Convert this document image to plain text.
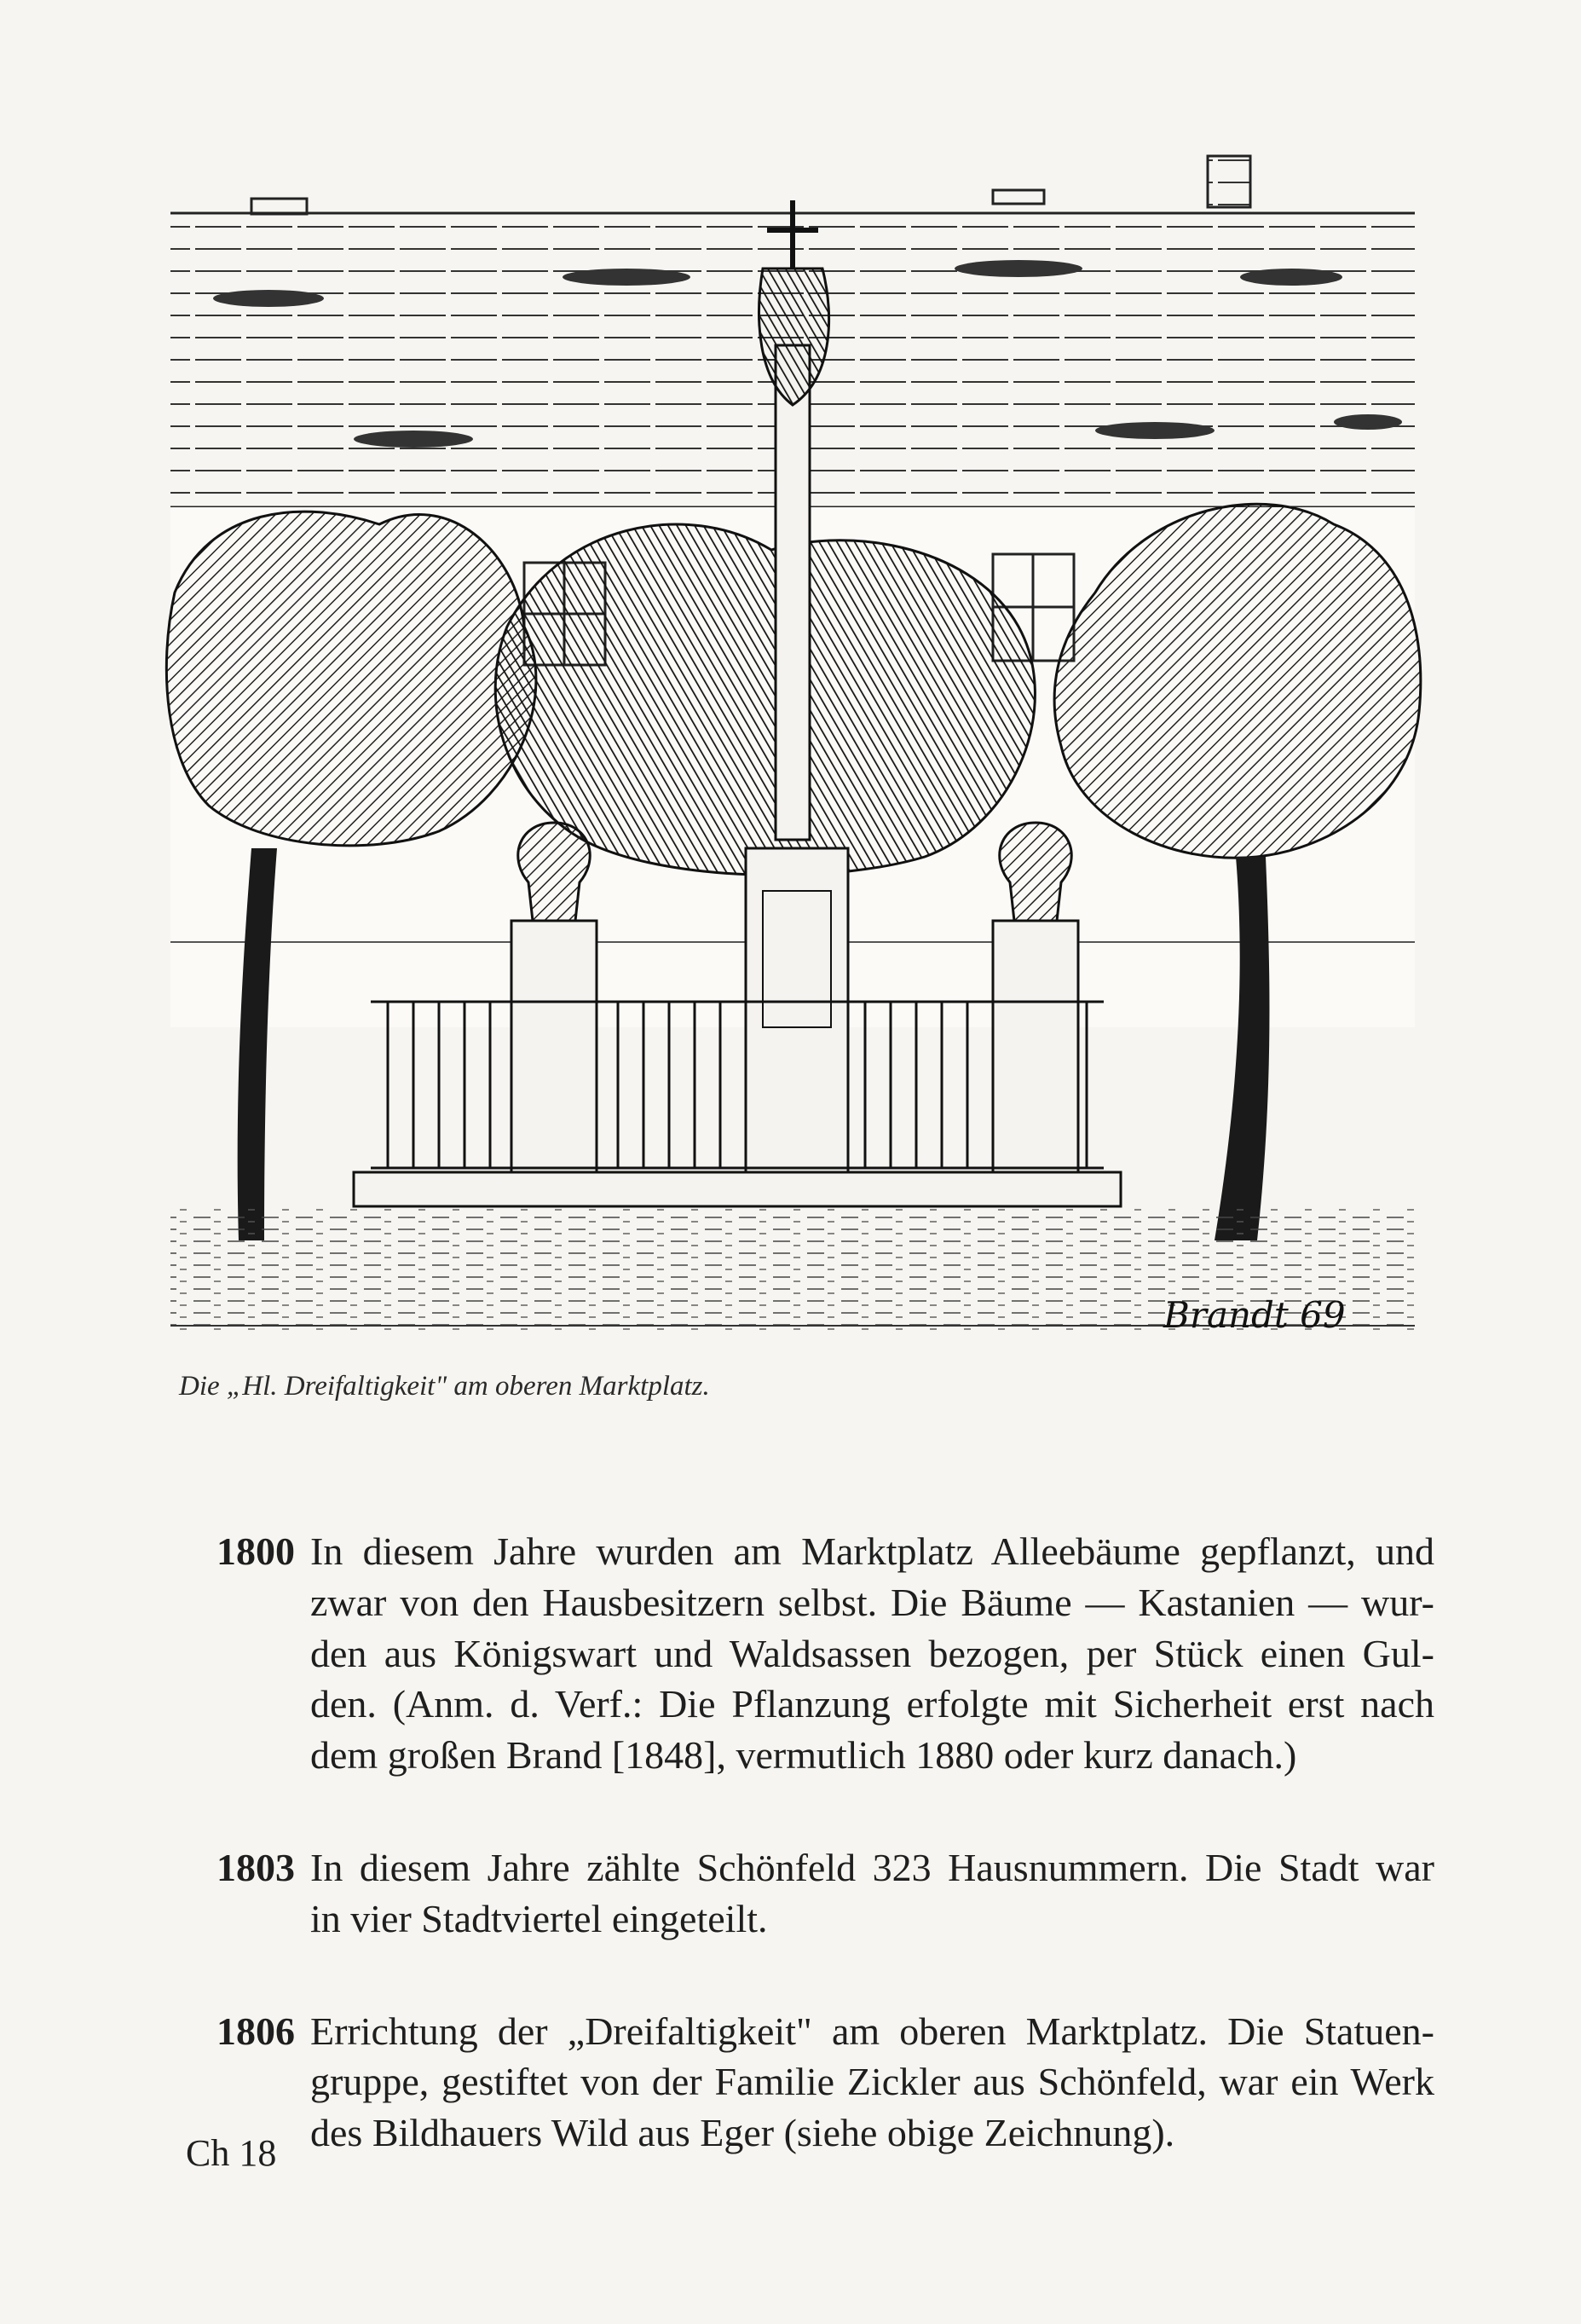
Brandt 69
Die „Hl. Dreifaltigkeit" am oberen Marktplatz.
1800 In diesem Jahre wurden am Marktplatz Alleebäume gepflanzt, und
zwar von den Hausbesitzern selbst. Die Bäume — Kastanien — wur-
den aus Königswart und Waldsassen bezogen, per Stück einen Gul-
den. (Anm. d. Verf.: Die Pflanzung erfolgte mit Sicherheit erst nach
dem großen Brand [1848], vermutlich 1880 oder kurz danach.)
1803 In diesem Jahre zählte Schönfeld 323 Hausnummern. Die Stadt war
in vier Stadtviertel eingeteilt.
1806 Errichtung der „Dreifaltigkeit" am oberen Marktplatz. Die Statuen-
gruppe, gestiftet von der Familie Zickler aus Schönfeld, war ein Werk
des Bildhauers Wild aus Eger (siehe obige Zeichnung).
Ch 18
